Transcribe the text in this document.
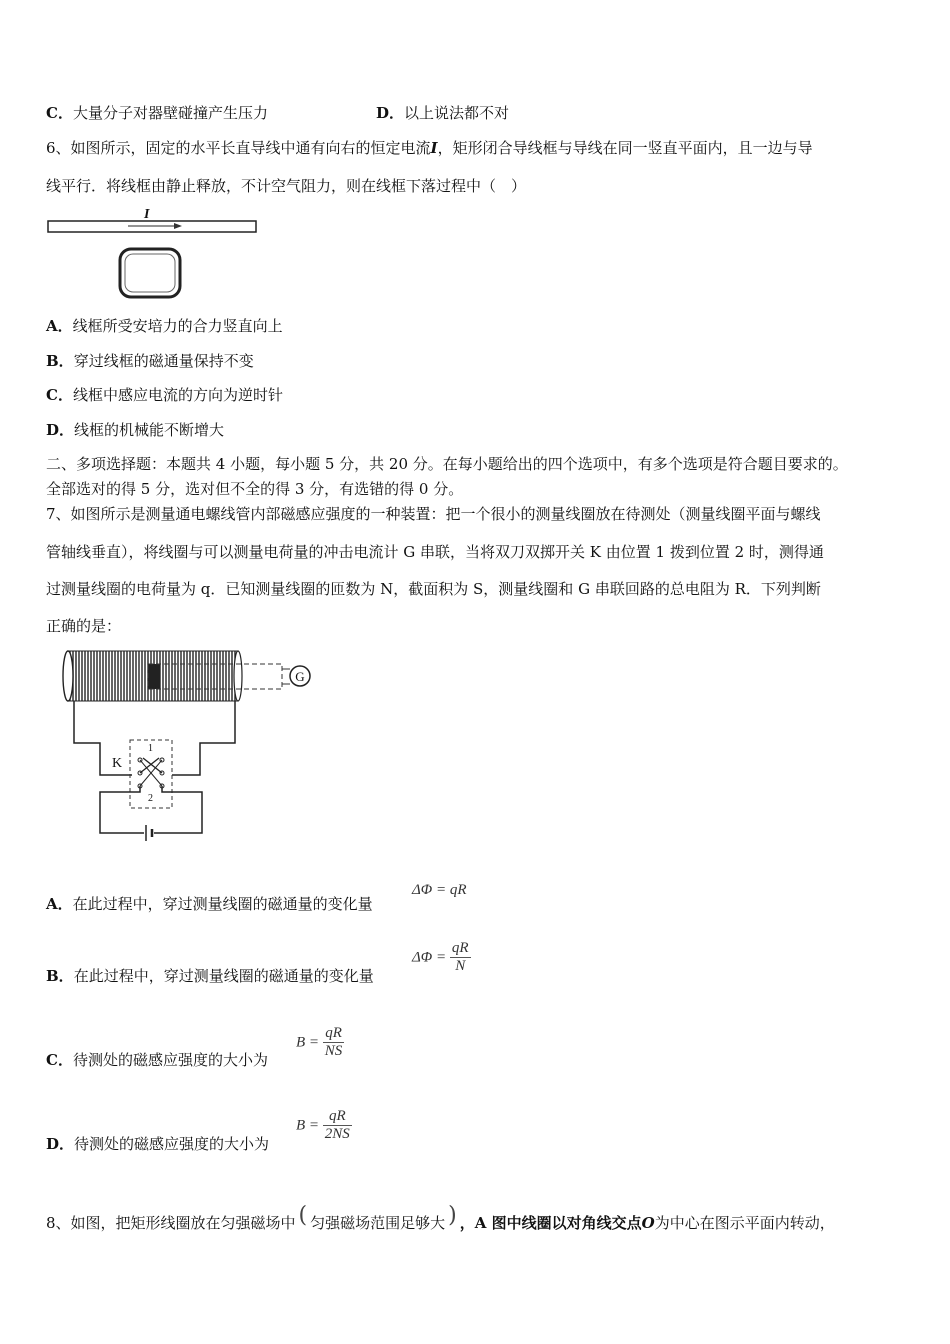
C．大量分子对器壁碰撞产生压力	D．以上说法都不对
6、如图所示，固定的水平长直导线中通有向右的恒定电流I，矩形闭合导线框与导线在同一竖直平面内，且一边与导
线平行．将线框由静止释放，不计空气阻力，则在线框下落过程中（　）
I
A．线框所受安培力的合力竖直向上
B．穿过线框的磁通量保持不变
C．线框中感应电流的方向为逆时针
D．线框的机械能不断增大
二、多项选择题：本题共 4 小题，每小题 5 分，共 20 分。在每小题给出的四个选项中，有多个选项是符合题目要求的。
全部选对的得 5 分，选对但不全的得 3 分，有选错的得 0 分。
7、如图所示是测量通电螺线管内部磁感应强度的一种装置：把一个很小的测量线圈放在待测处（测量线圈平面与螺线
管轴线垂直），将线圈与可以测量电荷量的冲击电流计 G 串联，当将双刀双掷开关 K 由位置 1 拨到位置 2 时，测得通
过测量线圈的电荷量为 q．已知测量线圈的匝数为 N，截面积为 S，测量线圈和 G 串联回路的总电阻为 R．下列判断
正确的是：
G
K
1
2
A．在此过程中，穿过测量线圈的磁通量的变化量
ΔΦ = qR
B．在此过程中，穿过测量线圈的磁通量的变化量
$\Delta\Phi = \frac{qR}{N}$
C．待测处的磁感应强度的大小为
$B = \frac{qR}{NS}$
D．待测处的磁感应强度的大小为
$B = \frac{qR}{2NS}$
8、如图，把矩形线圈放在匀强磁场中 ( 匀强磁场范围足够大 ) ，A 图中线圈以对角线交点O为中心在图示平面内转动，
